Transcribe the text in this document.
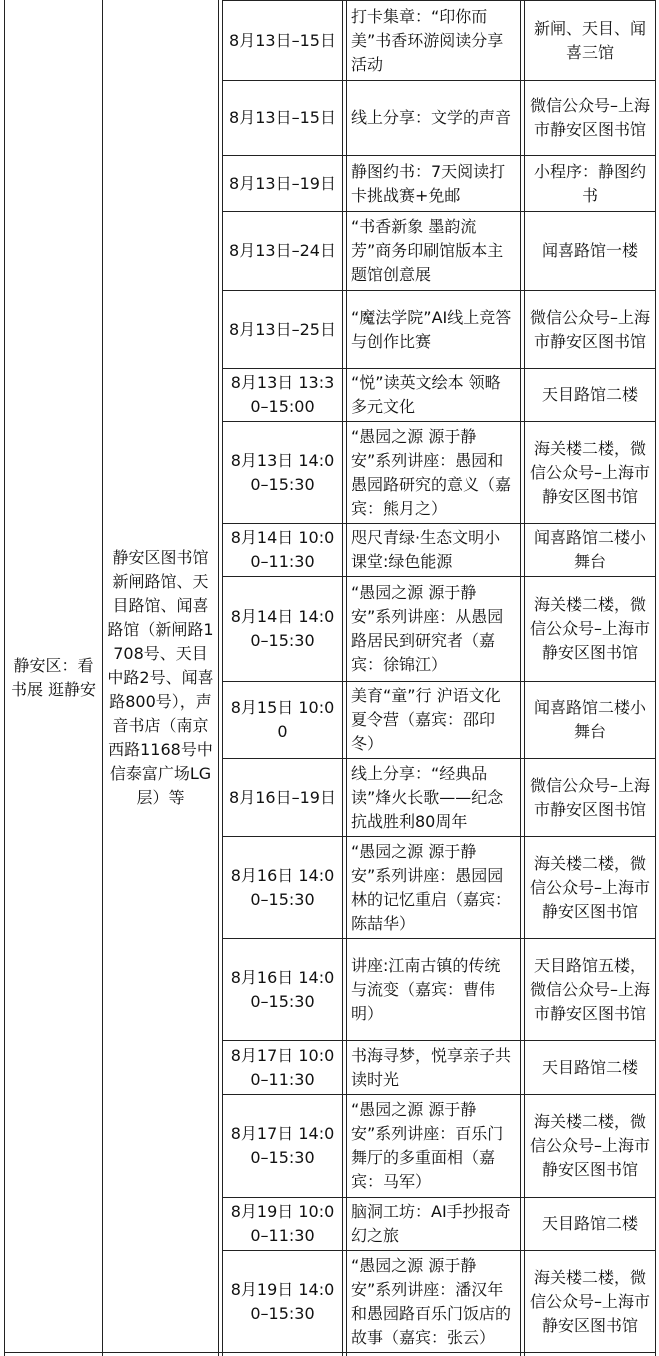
静安区：看书展 逛静安
静安区图书馆新闸路馆、天目路馆、闻喜路馆（新闸路1708号、天目中路2号、闻喜路800号），声音书店（南京西路1168号中信泰富广场LG层）等
8月13日–15日
打卡集章：“印你而美”书香环游阅读分享活动
新闸、天目、闻喜三馆
8月13日–15日 线上分享：文学的声音
微信公众号–上海市静安区图书馆
8月13日–19日
静图约书：7天阅读打卡挑战赛+免邮
小程序：静图约书
8月13日–24日
“书香新象 墨韵流芳”商务印刷馆版本主题馆创意展
闻喜路馆一楼
8月13日–25日
“魔法学院”AI线上竞答与创作比赛
微信公众号–上海市静安区图书馆
8月13日 13:30–15:00
“悦”读英文绘本 领略多元文化
天目路馆二楼
8月13日 14:00–15:30
“愚园之源 源于静安”系列讲座：愚园和愚园路研究的意义（嘉宾：熊月之）
海关楼二楼，微信公众号–上海市静安区图书馆
8月14日 10:00–11:30
咫尺青绿·生态文明小课堂:绿色能源
闻喜路馆二楼小舞台
8月14日 14:00–15:30
“愚园之源 源于静安”系列讲座：从愚园路居民到研究者（嘉宾：徐锦江）
海关楼二楼，微信公众号–上海市静安区图书馆
8月15日 10:00
美育“童”行 沪语文化夏令营（嘉宾：邵印冬）
闻喜路馆二楼小舞台
8月16日–19日
线上分享：“经典品读”烽火长歌——纪念抗战胜利80周年
微信公众号–上海市静安区图书馆
8月16日 14:00–15:30
“愚园之源 源于静安”系列讲座：愚园园林的记忆重启（嘉宾：陈喆华）
海关楼二楼，微信公众号–上海市静安区图书馆
8月16日 14:00–15:30
讲座:江南古镇的传统与流变（嘉宾：曹伟明）
天目路馆五楼，微信公众号–上海市静安区图书馆
8月17日 10:00–11:30
书海寻梦，悦享亲子共读时光
天目路馆二楼
8月17日 14:00–15:30
“愚园之源 源于静安”系列讲座：百乐门舞厅的多重面相（嘉宾：马军）
海关楼二楼，微信公众号–上海市静安区图书馆
8月19日 10:00–11:30
脑洞工坊：AI手抄报奇幻之旅
天目路馆二楼
8月19日 14:00–15:30
“愚园之源 源于静安”系列讲座：潘汉年和愚园路百乐门饭店的故事（嘉宾：张云）
海关楼二楼，微信公众号–上海市静安区图书馆
